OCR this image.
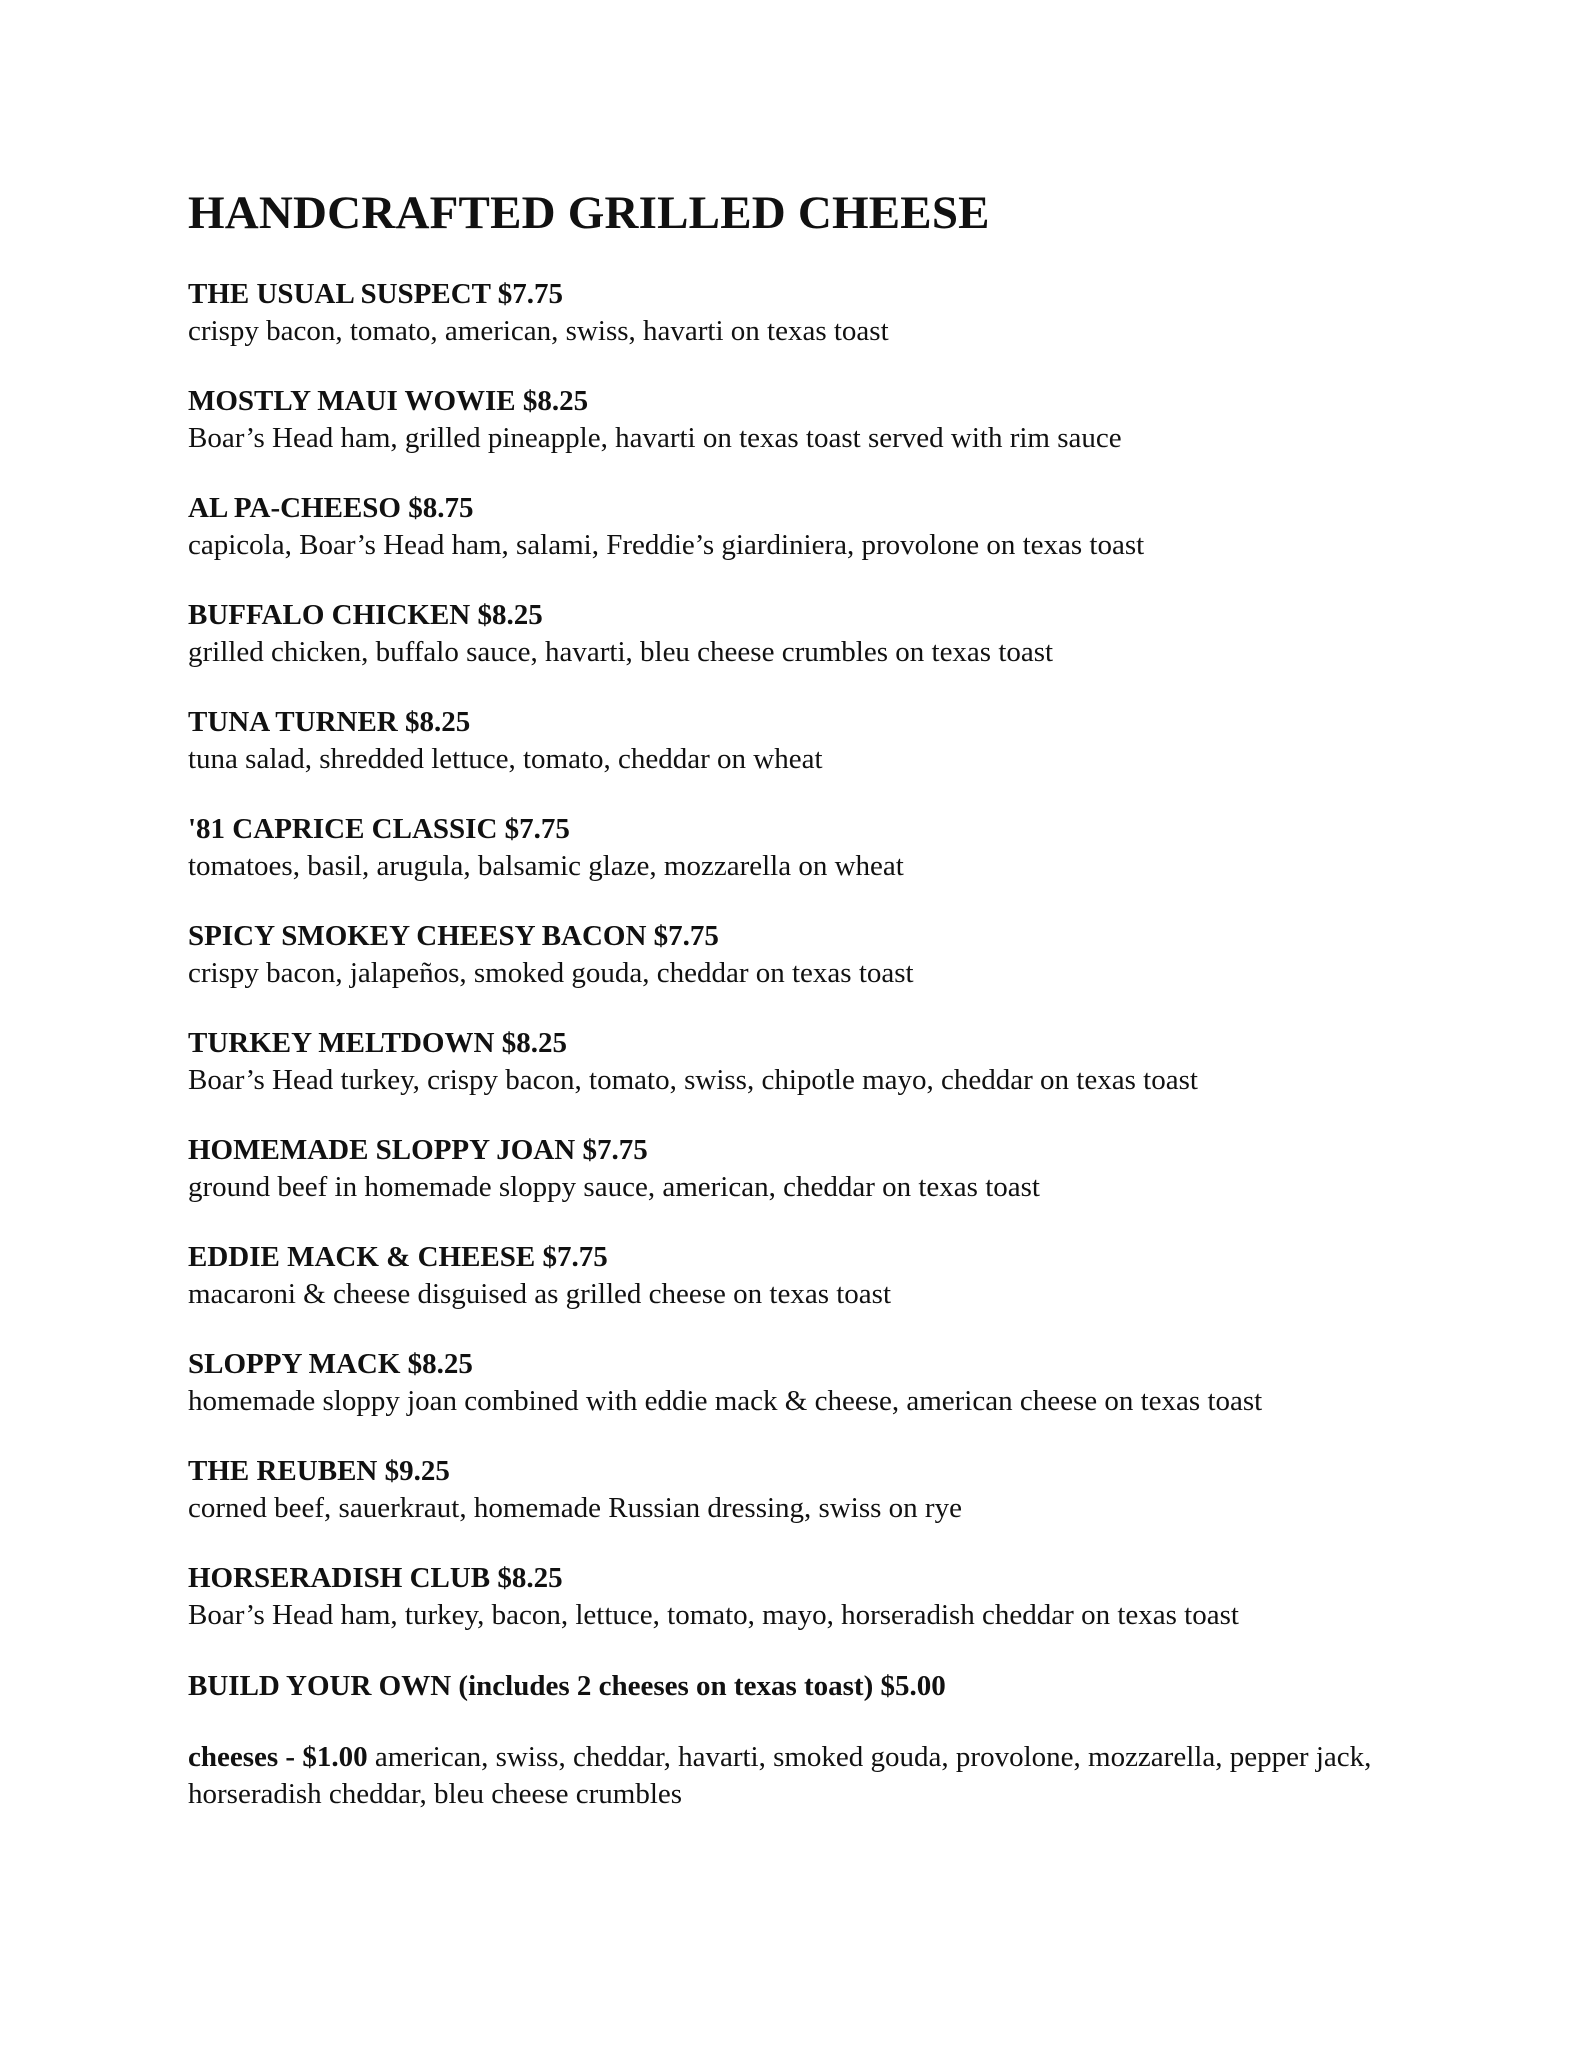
HANDCRAFTED GRILLED CHEESE
THE USUAL SUSPECT $7.75
crispy bacon, tomato, american, swiss, havarti on texas toast
MOSTLY MAUI WOWIE $8.25
Boar’s Head ham, grilled pineapple, havarti on texas toast served with rim sauce
AL PA-CHEESO $8.75
capicola, Boar’s Head ham, salami, Freddie’s giardiniera, provolone on texas toast
BUFFALO CHICKEN $8.25
grilled chicken, buffalo sauce, havarti, bleu cheese crumbles on texas toast
TUNA TURNER $8.25
tuna salad, shredded lettuce, tomato, cheddar on wheat
'81 CAPRICE CLASSIC $7.75
tomatoes, basil, arugula, balsamic glaze, mozzarella on wheat
SPICY SMOKEY CHEESY BACON $7.75
crispy bacon, jalapeños, smoked gouda, cheddar on texas toast
TURKEY MELTDOWN $8.25
Boar’s Head turkey, crispy bacon, tomato, swiss, chipotle mayo, cheddar on texas toast
HOMEMADE SLOPPY JOAN $7.75
ground beef in homemade sloppy sauce, american, cheddar on texas toast
EDDIE MACK & CHEESE $7.75
macaroni & cheese disguised as grilled cheese on texas toast
SLOPPY MACK $8.25
homemade sloppy joan combined with eddie mack & cheese, american cheese on texas toast
THE REUBEN $9.25
corned beef, sauerkraut, homemade Russian dressing, swiss on rye
HORSERADISH CLUB $8.25
Boar’s Head ham, turkey, bacon, lettuce, tomato, mayo, horseradish cheddar on texas toast
BUILD YOUR OWN (includes 2 cheeses on texas toast) $5.00
cheeses - $1.00 american, swiss, cheddar, havarti, smoked gouda, provolone, mozzarella, pepper jack, horseradish cheddar, bleu cheese crumbles
